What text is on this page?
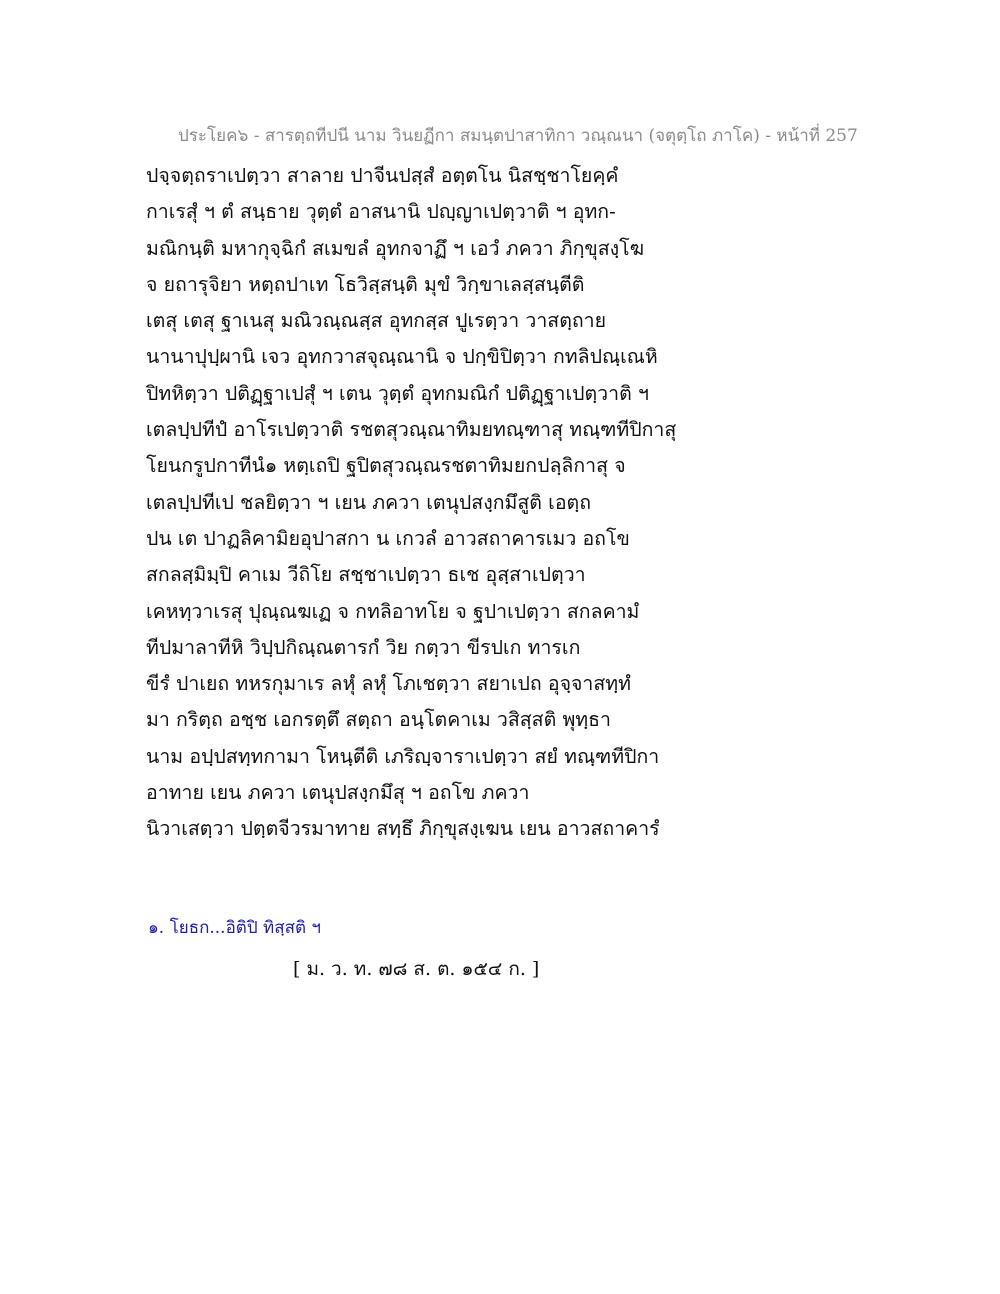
ประโยค๖ - สารตฺถทีปนี นาม วินยฏีกา สมนฺตปาสาทิกา วณฺณนา (จตุตฺโถ ภาโค) - หน้าที่ 257
ปจฺจตฺถราเปตฺวา สาลาย ปาจีนปสฺสํ อตฺตโน นิสชฺชาโยคฺคํ
กาเรสุํ ฯ ตํ สนฺธาย วุตฺตํ อาสนานิ ปญฺญาเปตฺวาติ ฯ อุทก-
มณิกนฺติ มหากุจฺฉิกํ สเมขลํ อุทกจาฏึ ฯ เอวํ ภควา ภิกฺขุสงฺโฆ
จ ยถารุจิยา หตฺถปาเท โธวิสฺสนฺติ มุขํ วิกฺขาเลสฺสนฺตีติ
เตสุ เตสุ ฐาเนสุ มณิวณฺณสฺส อุทกสฺส ปูเรตฺวา วาสตฺถาย
นานาปุปฺผานิ เจว อุทกวาสจุณฺณานิ จ ปกฺขิปิตฺวา กทลิปณฺเณหิ
ปิทหิตฺวา ปติฏฺฐาเปสุํ ฯ เตน วุตฺตํ อุทกมณิกํ ปติฏฺฐาเปตฺวาติ ฯ
เตลปฺปทีปํ อาโรเปตฺวาติ รชตสุวณฺณาทิมยทณฺฑาสุ ทณฺฑทีปิกาสุ
โยนกรูปกาทีนํ๑ หตฺเถปิ ฐปิตสุวณฺณรชตาทิมยกปลฺลิกาสุ จ
เตลปฺปทีเป ชลยิตฺวา ฯ เยน ภควา เตนุปสงฺกมึสูติ เอตฺถ
ปน เต ปาฏลิคามิยอุปาสกา น เกวลํ อาวสถาคารเมว อถโข
สกลสฺมิมฺปิ คาเม วีถิโย สชฺชาเปตฺวา ธเช อุสฺสาเปตฺวา
เคหทฺวาเรสุ ปุณฺณฆเฏ จ กทลิอาทโย จ ฐปาเปตฺวา สกลคามํ
ทีปมาลาทีหิ วิปฺปกิณฺณตารกํ วิย กตฺวา ขีรปเก ทารเก
ขีรํ ปาเยถ ทหรกุมาเร ลหุํ ลหุํ โภเชตฺวา สยาเปถ อุจฺจาสทฺทํ
มา กริตฺถ อชฺช เอกรตฺตึ สตฺถา อนฺโตคาเม วสิสฺสติ พุทฺธา
นาม อปฺปสทฺทกามา โหนฺตีติ เภริญฺจาราเปตฺวา สยํ ทณฺฑทีปิกา
อาทาย เยน ภควา เตนุปสงฺกมึสุ ฯ อถโข ภควา
นิวาเสตฺวา ปตฺตจีวรมาทาย สทฺธึ ภิกฺขุสงฺเฆน เยน อาวสถาคารํ
๑. โยธก...อิติปิ ทิสฺสติ ฯ
[ ม. ว. ท. ๗๘ ส. ต. ๑๕๔ ก. ]
